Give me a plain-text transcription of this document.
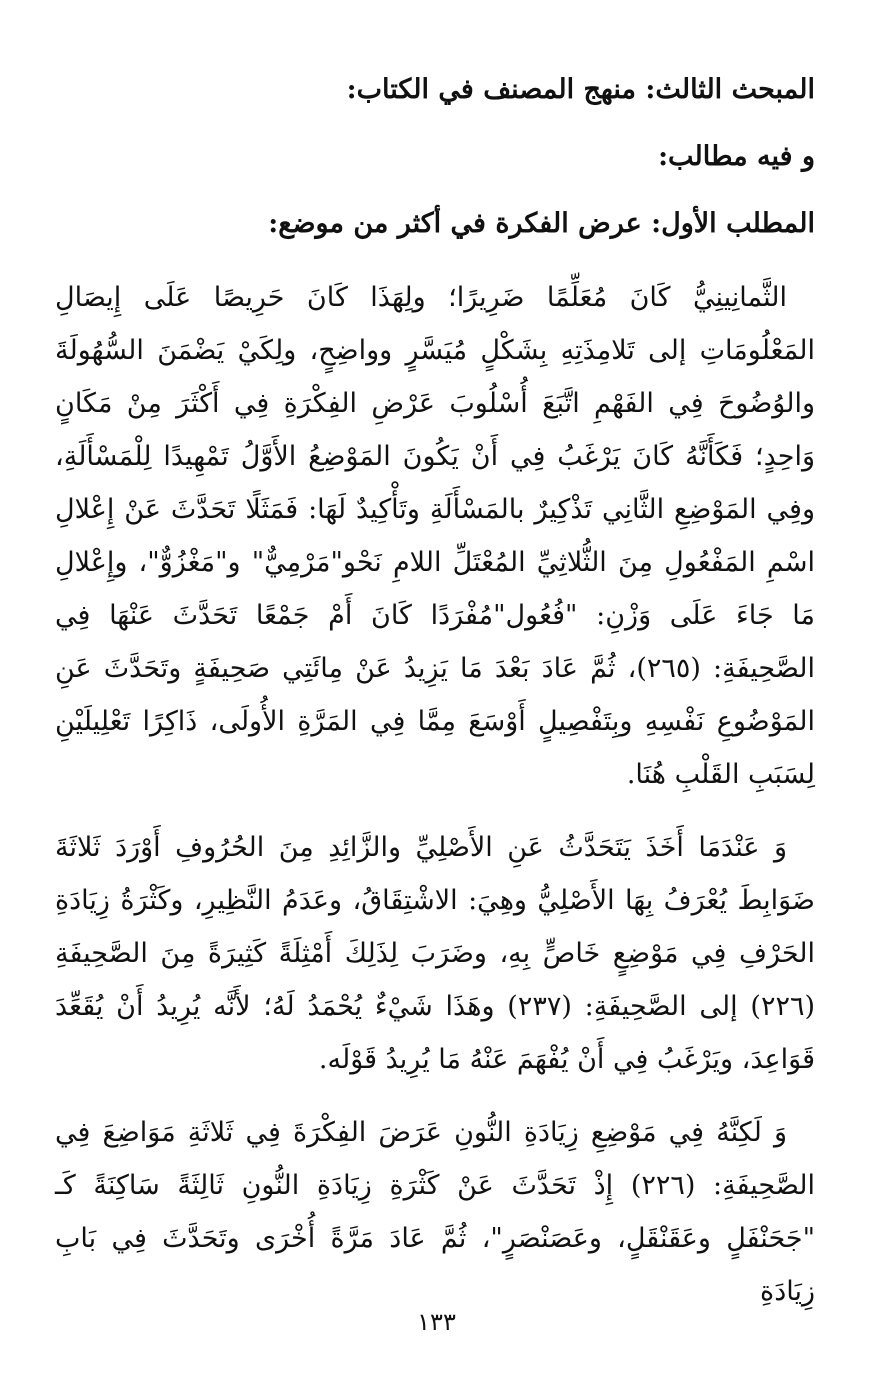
المبحث الثالث: منهج المصنف في الكتاب:
و فيه مطالب:
المطلب الأول: عرض الفكرة في أكثر من موضع:

الثَّمانِينِيُّ كَانَ مُعَلِّمًا ضَرِيرًا؛ ولِهَذَا كَانَ حَرِيصًا عَلَى إِيصَالِ المَعْلُومَاتِ إلى تَلامِذَتِهِ بِشَكْلٍ مُيَسَّرٍ وواضِحٍ، ولِكَيْ يَضْمَنَ السُّهُولَةَ والوُضُوحَ فِي الفَهْمِ اتَّبَعَ أُسْلُوبَ عَرْضِ الفِكْرَةِ فِي أَكْثَرَ مِنْ مَكَانٍ وَاحِدٍ؛ فَكَأَنَّهُ كَانَ يَرْغَبُ فِي أَنْ يَكُونَ المَوْضِعُ الأَوَّلُ تَمْهِيدًا لِلْمَسْأَلَةِ، وفِي المَوْضِعِ الثَّانِي تَذْكِيرٌ بالمَسْأَلَةِ وتَأْكِيدٌ لَهَا: فَمَثَلًا تَحَدَّثَ عَنْ إِعْلالِ اسْمِ المَفْعُولِ مِنَ الثُّلاثِيِّ المُعْتَلِّ اللامِ نَحْو"مَرْمِيٌّ" و"مَغْزُوٌّ"، وإِعْلالِ مَا جَاءَ عَلَى وَزْنِ: "فُعُول"مُفْرَدًا كَانَ أَمْ جَمْعًا تَحَدَّثَ عَنْهَا فِي الصَّحِيفَةِ: (٢٦٥)، ثُمَّ عَادَ بَعْدَ مَا يَزِيدُ عَنْ مِائَتِي صَحِيفَةٍ وتَحَدَّثَ عَنِ المَوْضُوعِ نَفْسِهِ وبِتَفْصِيلٍ أَوْسَعَ مِمَّا فِي المَرَّةِ الأُولَى، ذَاكِرًا تَعْلِيلَيْنِ لِسَبَبِ القَلْبِ هُنَا.

وَ عَنْدَمَا أَخَذَ يَتَحَدَّثُ عَنِ الأَصْلِيِّ والزَّائِدِ مِنَ الحُرُوفِ أَوْرَدَ ثَلاثَةَ ضَوَابِطَ يُعْرَفُ بِهَا الأَصْلِيُّ وهِيَ: الاشْتِقَاقُ، وعَدَمُ النَّظِيرِ، وكَثْرَةُ زِيَادَةِ الحَرْفِ فِي مَوْضِعٍ خَاصٍّ بِهِ، وضَرَبَ لِذَلِكَ أَمْثِلَةً كَثِيرَةً مِنَ الصَّحِيفَةِ (٢٢٦) إلى الصَّحِيفَةِ: (٢٣٧) وهَذَا شَيْءٌ يُحْمَدُ لَهُ؛ لأَنَّه يُرِيدُ أَنْ يُقَعِّدَ قَوَاعِدَ، ويَرْغَبُ فِي أَنْ يُفْهَمَ عَنْهُ مَا يُرِيدُ قَوْلَه.

وَ لَكِنَّهُ فِي مَوْضِعِ زِيَادَةِ النُّونِ عَرَضَ الفِكْرَةَ فِي ثَلاثَةِ مَوَاضِعَ فِي الصَّحِيفَةِ: (٢٢٦) إِذْ تَحَدَّثَ عَنْ كَثْرَةِ زِيَادَةِ النُّونِ ثَالِثَةً سَاكِنَةً كَـ "جَحَنْفَلٍ وعَقَنْقَلٍ، وعَصَنْصَرٍ"، ثُمَّ عَادَ مَرَّةً أُخْرَى وتَحَدَّثَ فِي بَابِ زِيَادَةِ

١٣٣
